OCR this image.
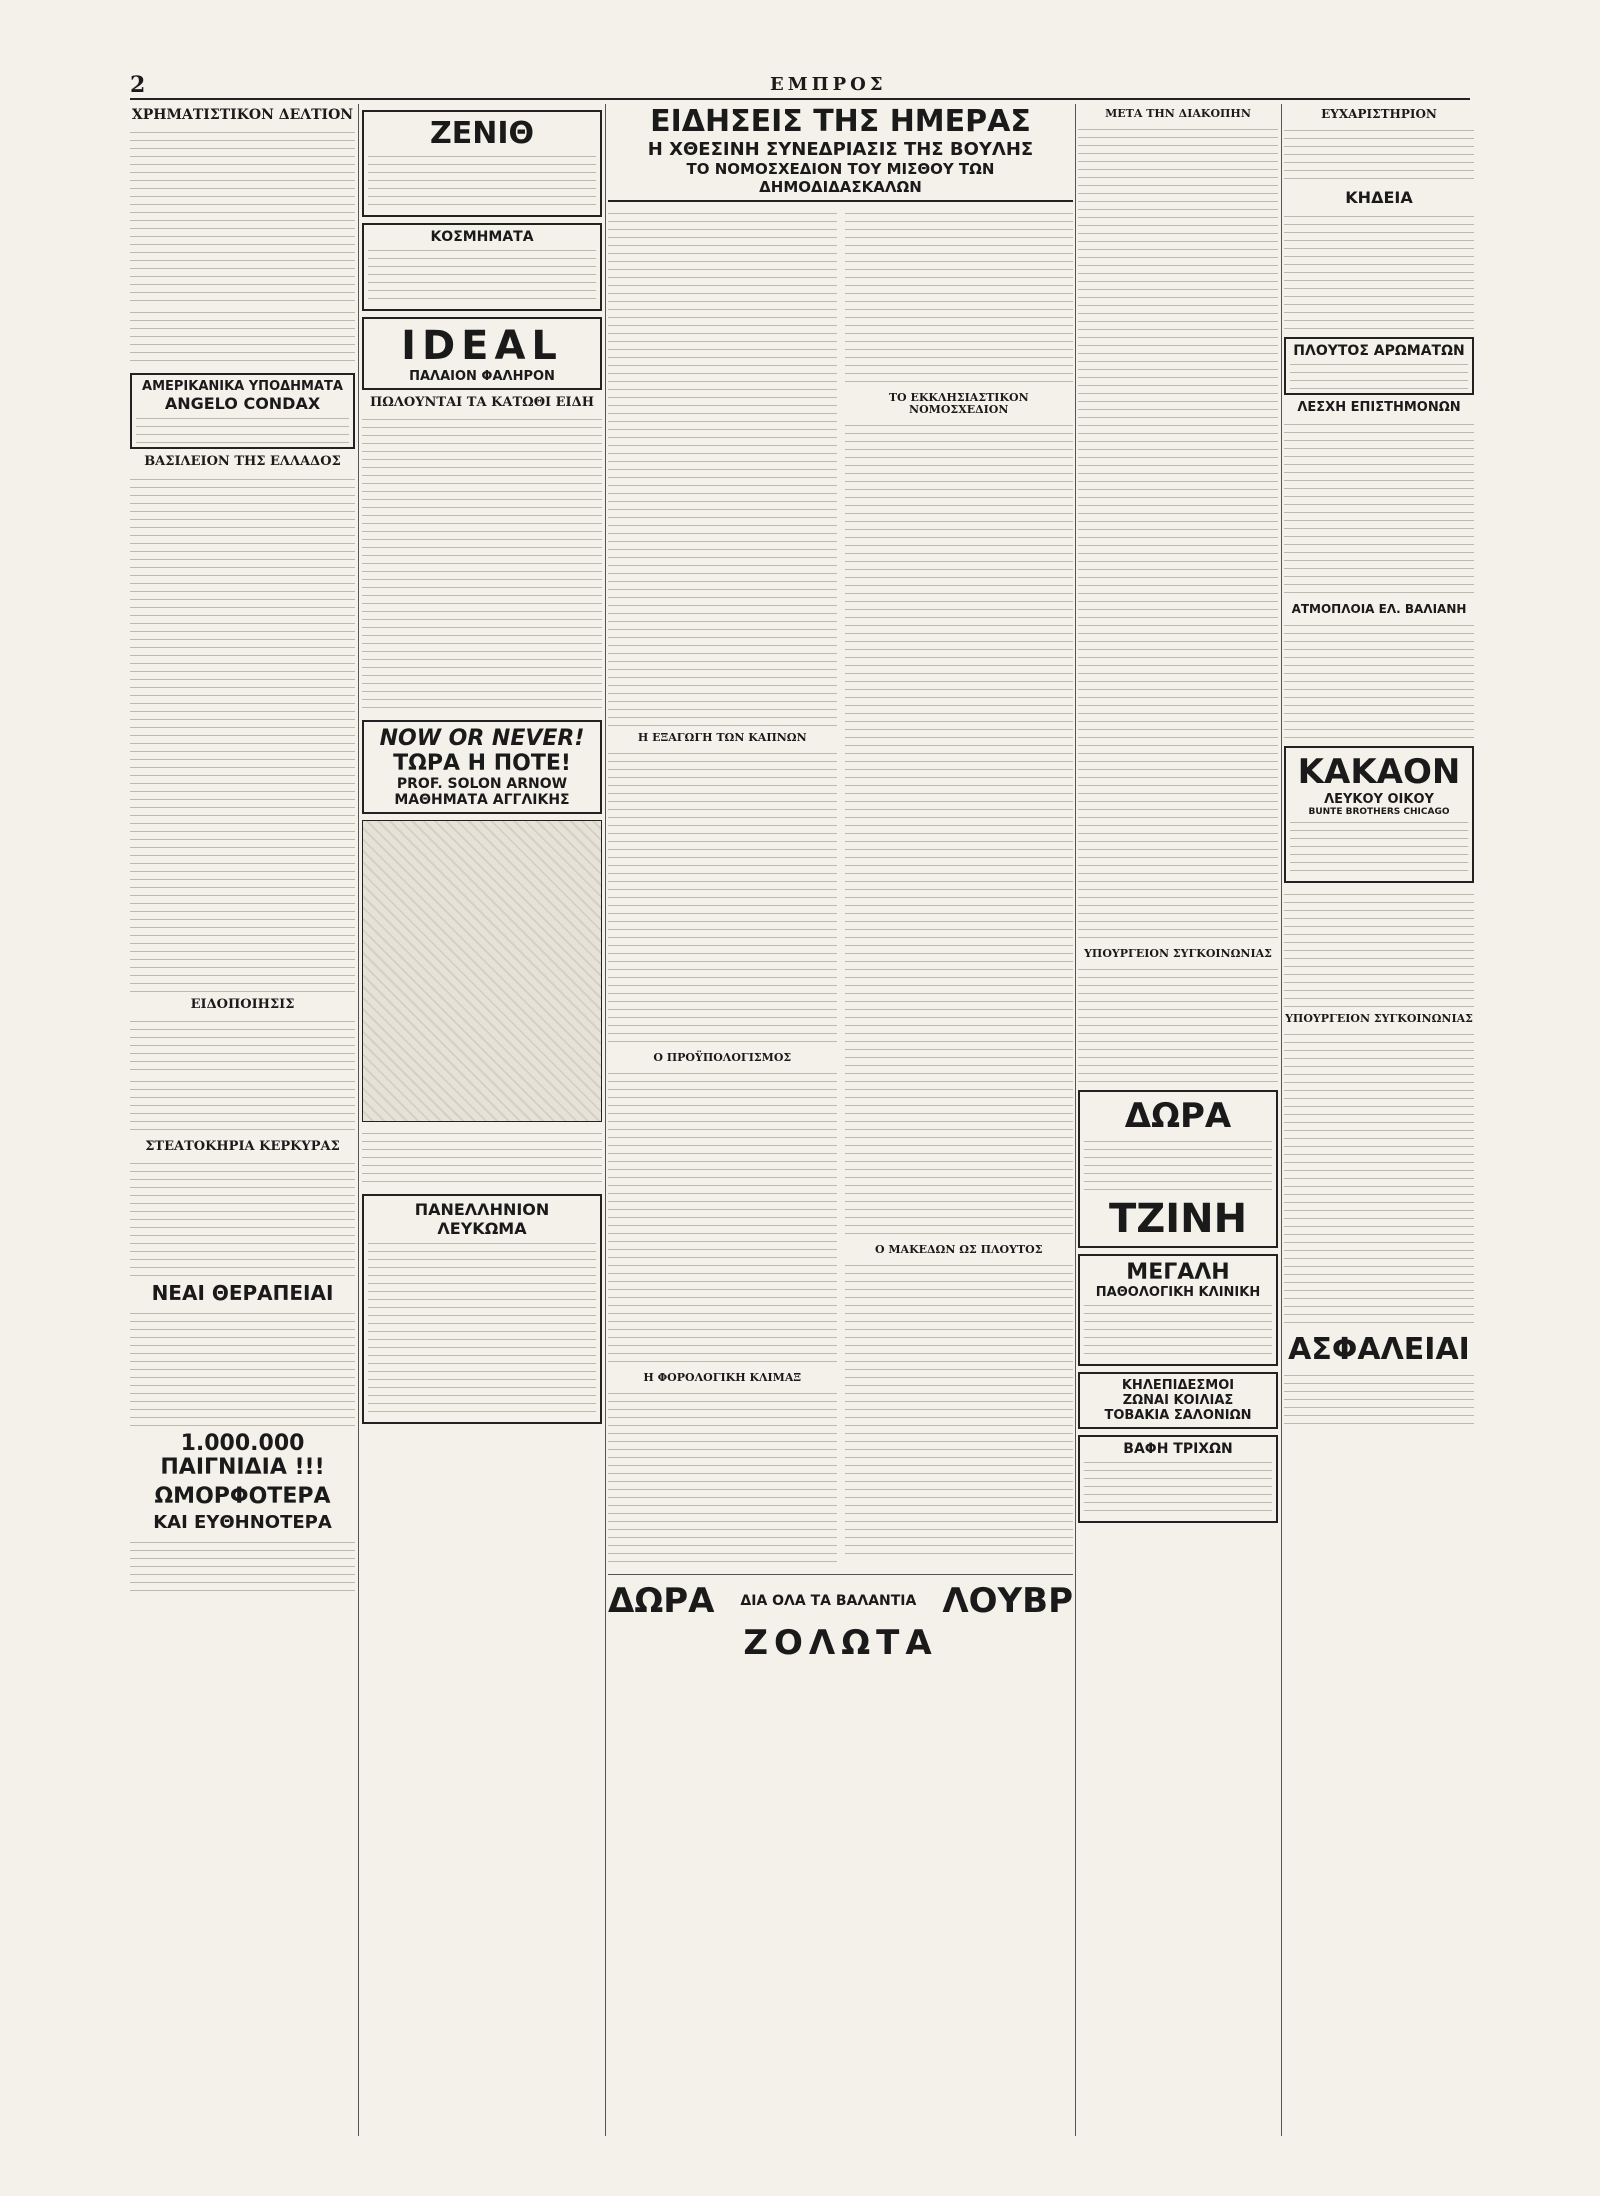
2	ΕΜΠΡΟΣ
ΧΡΗΜΑΤΙΣΤΙΚΟΝ ΔΕΛΤΙΟΝ
ΑΜΕΡΙΚΑΝΙΚΑ ΥΠΟΔΗΜΑΤΑ
ANGELO CONDAX
ΒΑΣΙΛΕΙΟΝ ΤΗΣ ΕΛΛΑΔΟΣ
ΕΙΔΟΠΟΙΗΣΙΣ
ΣΤΕΑΤΟΚΗΡΙΑ ΚΕΡΚΥΡΑΣ
ΝΕΑΙ ΘΕΡΑΠΕΙΑΙ
1.000.000 ΠΑΙΓΝΙΔΙΑ !!!
ΩΜΟΡΦΟΤΕΡΑ
ΚΑΙ ΕΥΘΗΝΟΤΕΡΑ
ΖΕΝΙΘ
ΚΟΣΜΗΜΑΤΑ
IDEAL
ΠΑΛΑΙΟΝ ΦΑΛΗΡΟΝ
ΠΩΛΟΥΝΤΑΙ ΤΑ ΚΑΤΩΘΙ ΕΙΔΗ
NOW OR NEVER!
ΤΩΡΑ Η ΠΟΤΕ!
PROF. SOLON ARNOW
ΜΑΘΗΜΑΤΑ ΑΓΓΛΙΚΗΣ
ΠΑΝΕΛΛΗΝΙΟΝ ΛΕΥΚΩΜΑ
ΕΙΔΗΣΕΙΣ ΤΗΣ ΗΜΕΡΑΣ
Η ΧΘΕΣΙΝΗ ΣΥΝΕΔΡΙΑΣΙΣ ΤΗΣ ΒΟΥΛΗΣ
ΤΟ ΝΟΜΟΣΧΕΔΙΟΝ ΤΟΥ ΜΙΣΘΟΥ ΤΩΝ ΔΗΜΟΔΙΔΑΣΚΑΛΩΝ
Η ΕΞΑΓΩΓΗ ΤΩΝ ΚΑΠΝΩΝ
Ο ΠΡΟΫΠΟΛΟΓΙΣΜΟΣ
Η ΦΟΡΟΛΟΓΙΚΗ ΚΛΙΜΑΞ
ΤΟ ΕΚΚΛΗΣΙΑΣΤΙΚΟΝ ΝΟΜΟΣΧΕΔΙΟΝ
Ο ΜΑΚΕΔΩΝ ΩΣ ΠΛΟΥΤΟΣ
ΔΩΡΑ ΔΙΑ ΟΛΑ ΤΑ ΒΑΛΑΝΤΙΑ ΛΟΥΒΡ
ΖΟΛΩΤΑ
ΜΕΤΑ ΤΗΝ ΔΙΑΚΟΠΗΝ
ΥΠΟΥΡΓΕΙΟΝ ΣΥΓΚΟΙΝΩΝΙΑΣ
ΔΩΡΑ
ΤΖΙΝΗ
ΜΕΓΑΛΗ
ΠΑΘΟΛΟΓΙΚΗ ΚΛΙΝΙΚΗ
ΚΗΛΕΠΙΔΕΣΜΟΙ
ΖΩΝΑΙ ΚΟΙΛΙΑΣ
ΤΟΒΑΚΙΑ ΣΑΛΟΝΙΩΝ
ΒΑΦΗ ΤΡΙΧΩΝ
ΕΥΧΑΡΙΣΤΗΡΙΟΝ
ΚΗΔΕΙΑ
ΠΛΟΥΤΟΣ ΑΡΩΜΑΤΩΝ
ΛΕΣΧΗ ΕΠΙΣΤΗΜΟΝΩΝ
ΑΤΜΟΠΛΟΙΑ ΕΛ. ΒΑΛΙΑΝΗ
ΚΑΚΑΟΝ
ΛΕΥΚΟΥ ΟΙΚΟΥ
BUNTE BROTHERS CHICAGO
ΥΠΟΥΡΓΕΙΟΝ ΣΥΓΚΟΙΝΩΝΙΑΣ
ΑΣΦΑΛΕΙΑΙ
